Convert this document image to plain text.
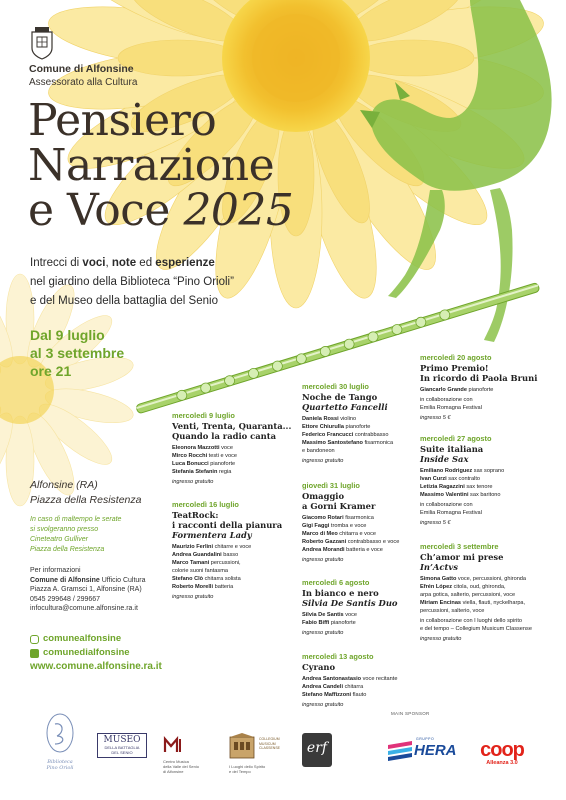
Comune di Alfonsine
Assessorato alla Cultura
Pensiero
Narrazione
e Voce 2025
Intrecci di voci, note ed esperienze
nel giardino della Biblioteca “Pino Orioli”
e del Museo della battaglia del Senio
Dal 9 luglio
al 3 settembre
ore 21
Alfonsine (RA)
Piazza della Resistenza
In caso di maltempo le serate
si svolgeranno presso
Cineteatro Gulliver
Piazza della Resistenza
Per informazioni
Comune di Alfonsine Ufficio Cultura
Piazza A. Gramsci 1, Alfonsine (RA)
0545 299648 / 299667
infocultura@comune.alfonsine.ra.it
comunealfonsine
comunedialfonsine
www.comune.alfonsine.ra.it
mercoledì 9 luglio
Venti, Trenta, Quaranta...
Quando la radio canta
Eleonora Mazzotti voce
Mirco Rocchi testi e voce
Luca Bonucci pianoforte
Stefania Stefanin regia
ingresso gratuito
mercoledì 16 luglio
TeatRock:
i racconti della pianura
Formentera Lady
Maurizio Ferlini chitarre e voce
Andrea Guandalini basso
Marco Tamani percussioni,
colorie suoni fantasma
Stefano Clò chitarra solista
Roberto Morelli batteria
ingresso gratuito
mercoledì 30 luglio
Noche de Tango
Quartetto Fancelli
Daniela Rossi violino
Ettore Chiurulla pianoforte
Federico Francucci contrabbasso
Massimo Santostefano fisarmonica
e bandoneon
ingresso gratuito
giovedì 31 luglio
Omaggio
a Gorni Kramer
Giacomo Rotari fisarmonica
Gigi Faggi tromba e voce
Marco di Meo chitarra e voce
Roberto Gazzani contrabbasso e voce
Andrea Morandi batteria e voce
ingresso gratuito
mercoledì 6 agosto
In bianco e nero
Silvia De Santis Duo
Silvia De Santis voce
Fabio Biffi pianoforte
ingresso gratuito
mercoledì 13 agosto
Cyrano
Andrea Santonastasio voce recitante
Andrea Candeli chitarra
Stefano Maffizzoni flauto
ingresso gratuito
mercoledì 20 agosto
Primo Premio!
In ricordo di Paola Bruni
Giancarlo Grande pianoforte
in collaborazione con
Emilia Romagna Festival
ingresso 5 €
mercoledì 27 agosto
Suite italiana
Inside Sax
Emiliano Rodriguez sax soprano
Ivan Curzi sax contralto
Letizia Ragazzini sax tenore
Massimo Valentini sax baritono
in collaborazione con
Emilia Romagna Festival
ingresso 5 €
mercoledì 3 settembre
Ch’amor mi prese
In’Actvs
Simona Gatto voce, percussioni, ghironda
Efrén López citola, oud, ghironda,
arpa gotica, salterio, percussioni, voce
Miriam Encinas viella, flauti, nyckelharpa,
percussioni, salterio, voce
in collaborazione con I luoghi dello spirito
e del tempo – Collegium Musicum Classense
ingresso gratuito
Biblioteca
Pino Orioli
MUSEO
DELLA BATTAGLIA
DEL SENIO
Centro Musica
della Valle del Senio
di Alfonsine
COLLEGIUM
MUSICUM
CLASSENSE
I Luoghi dello Spirito
e del Tempo
erf
MAIN SPONSOR
GRUPPO
HERA	coop
Alleanza 3.0
